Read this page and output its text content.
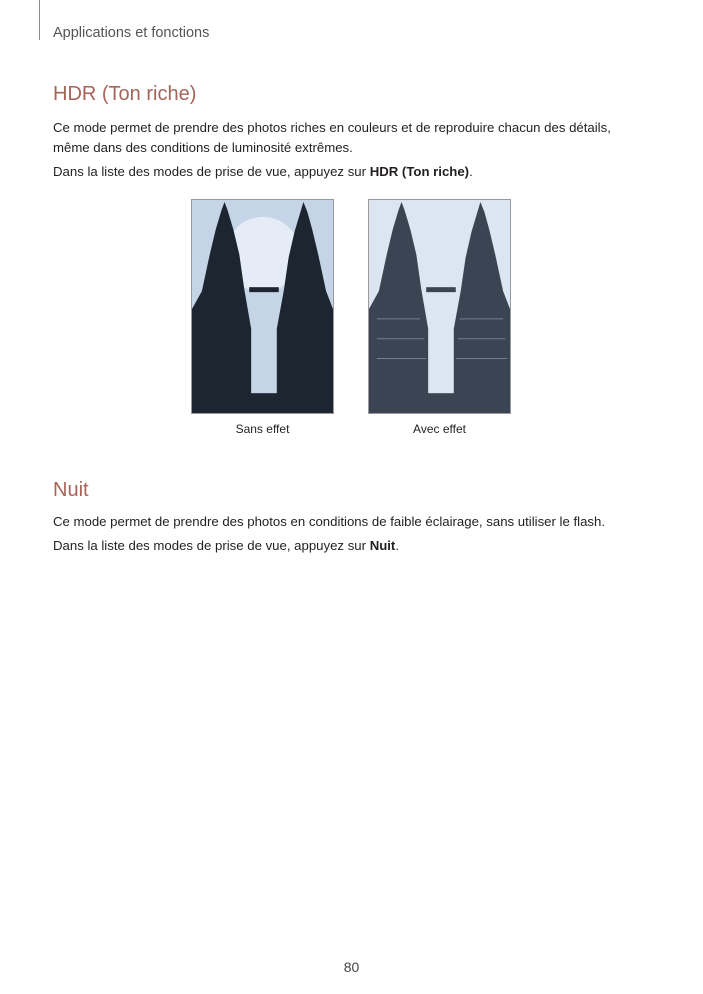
Applications et fonctions
HDR (Ton riche)

Ce mode permet de prendre des photos riches en couleurs et de reproduire chacun des détails,
même dans des conditions de luminosité extrêmes.

Dans la liste des modes de prise de vue, appuyez sur HDR (Ton riche).

Sans effet	Avec effet
Nuit

Ce mode permet de prendre des photos en conditions de faible éclairage, sans utiliser le flash.

Dans la liste des modes de prise de vue, appuyez sur Nuit.

80
